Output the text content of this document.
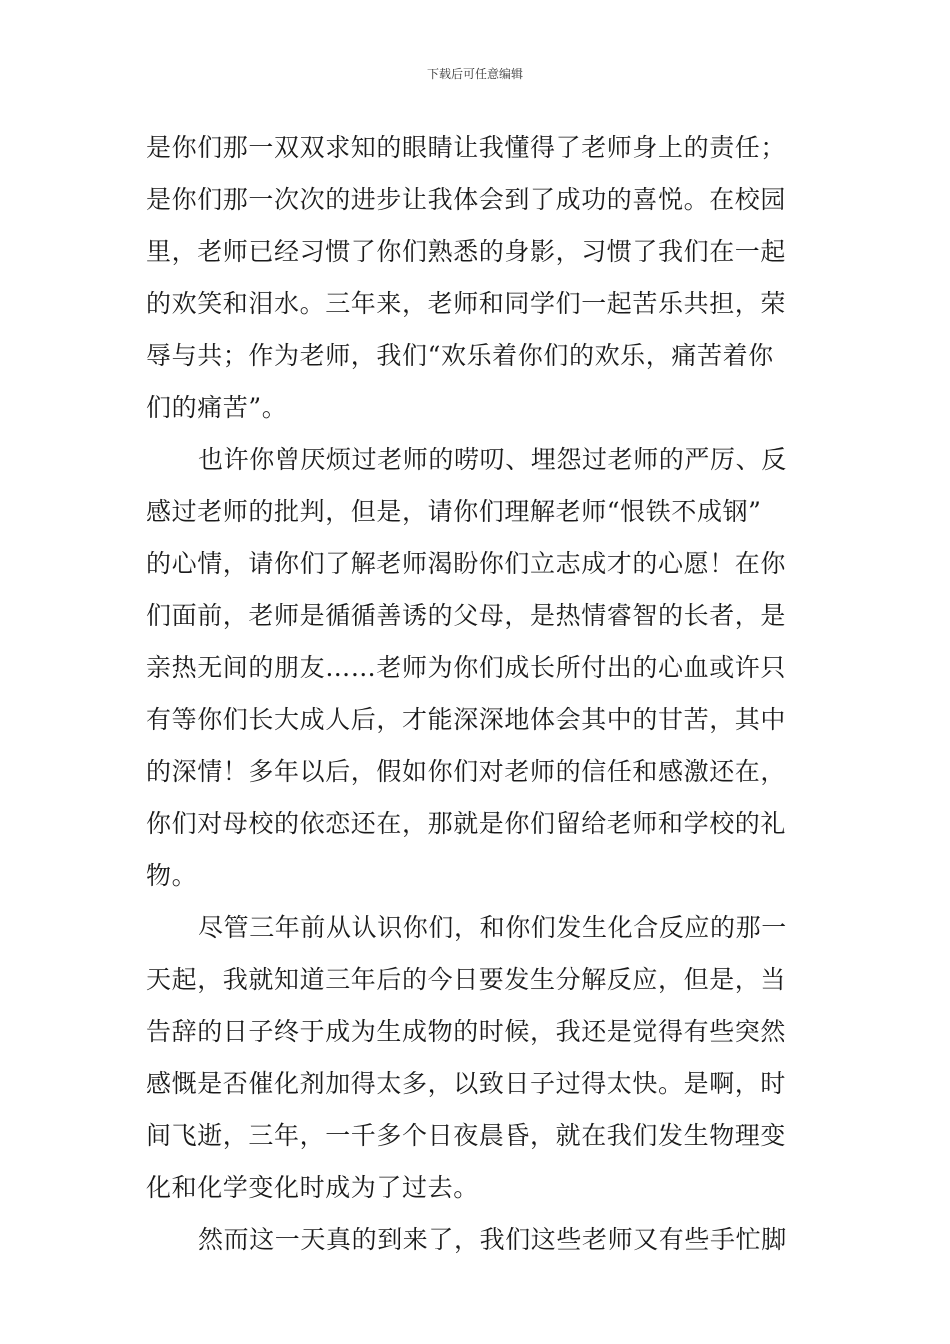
下载后可任意编辑
是你们那一双双求知的眼睛让我懂得了老师身上的责任；
是你们那一次次的进步让我体会到了成功的喜悦。在校园
里，老师已经习惯了你们熟悉的身影，习惯了我们在一起
的欢笑和泪水。三年来，老师和同学们一起苦乐共担，荣
辱与共；作为老师，我们“欢乐着你们的欢乐，痛苦着你
们的痛苦”。
也许你曾厌烦过老师的唠叨、埋怨过老师的严厉、反
感过老师的批判，但是，请你们理解老师“恨铁不成钢”
的心情，请你们了解老师渴盼你们立志成才的心愿！在你
们面前，老师是循循善诱的父母，是热情睿智的长者，是
亲热无间的朋友……老师为你们成长所付出的心血或许只
有等你们长大成人后，才能深深地体会其中的甘苦，其中
的深情！多年以后，假如你们对老师的信任和感激还在，
你们对母校的依恋还在，那就是你们留给老师和学校的礼
物。
尽管三年前从认识你们，和你们发生化合反应的那一
天起，我就知道三年后的今日要发生分解反应，但是，当
告辞的日子终于成为生成物的时候，我还是觉得有些突然
感慨是否催化剂加得太多，以致日子过得太快。是啊，时
间飞逝，三年，一千多个日夜晨昏，就在我们发生物理变
化和化学变化时成为了过去。
然而这一天真的到来了，我们这些老师又有些手忙脚
